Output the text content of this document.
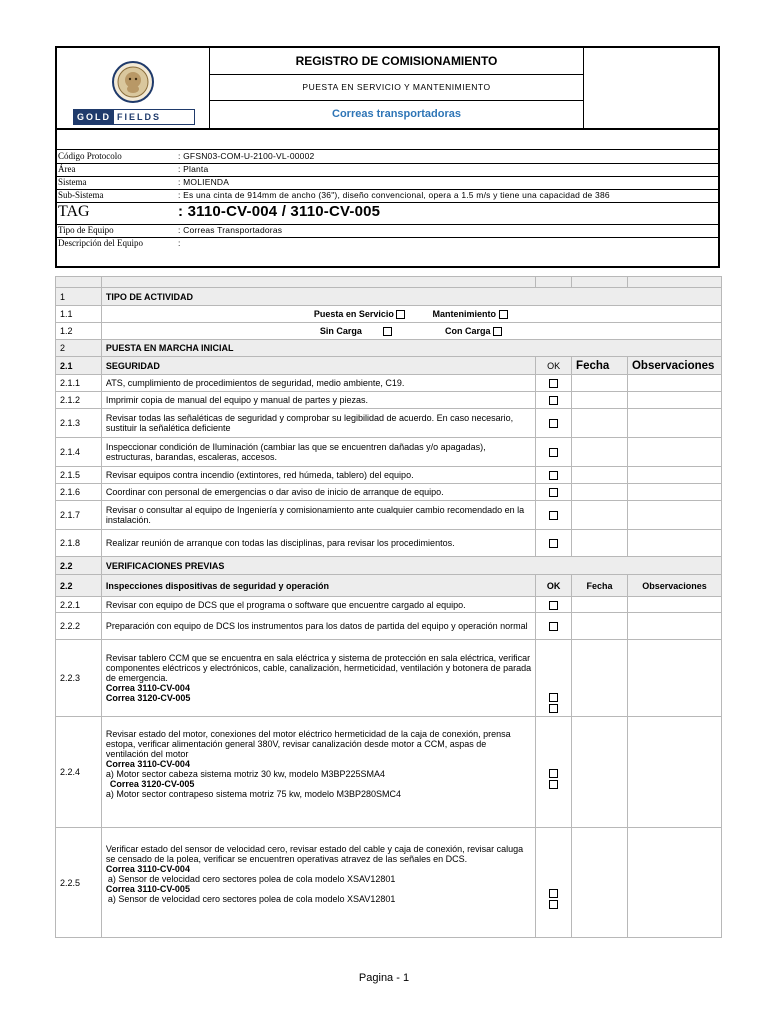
GOLD FIELDS
REGISTRO DE COMISIONAMIENTO
PUESTA EN SERVICIO Y MANTENIMIENTO
Correas transportadoras
Código Protocolo	: GFSN03-COM-U-2100-VL-00002
Área	: Planta
Sistema	: MOLIENDA
Sub-Sistema	: Es una cinta de 914mm de ancho (36"), diseño convencional, opera a 1.5 m/s y tiene una capacidad de 386
TAG	: 3110-CV-004 / 3110-CV-005
Tipo de Equipo	: Correas Transportadoras
Descripción del Equipo	:

1	TIPO DE ACTIVIDAD			
1.1	Puesta en Servicio Mantenimiento			
1.2	Sin Carga Con Carga			
2	PUESTA EN MARCHA INICIAL			
2.1	SEGURIDAD	OK	Fecha	Observaciones
2.1.1	ATS, cumplimiento de procedimientos de seguridad, medio ambiente, C19.			
2.1.2	Imprimir copia de manual del equipo y manual de partes y piezas.			
2.1.3	Revisar todas las señaléticas de seguridad y comprobar su legibilidad de acuerdo. En caso necesario, sustituir la señalética deficiente			
2.1.4	Inspeccionar condición de Iluminación (cambiar las que se encuentren dañadas y/o apagadas), estructuras, barandas, escaleras, accesos.			
2.1.5	Revisar equipos contra incendio (extintores, red húmeda, tablero) del equipo.			
2.1.6	Coordinar con personal de emergencias o dar aviso de inicio de arranque de equipo.			
2.1.7	Revisar o consultar al equipo de Ingeniería y comisionamiento ante cualquier cambio recomendado en la instalación.			
2.1.8	Realizar reunión de arranque con todas las disciplinas, para revisar los procedimientos.			
2.2	VERIFICACIONES PREVIAS			
2.2	Inspecciones dispositivas de seguridad y operación	OK	Fecha	Observaciones
2.2.1	Revisar con equipo de DCS que el programa o software que encuentre cargado al equipo.			
2.2.2	Preparación con equipo de DCS los instrumentos para los datos de partida del equipo y operación normal			
2.2.3	Revisar tablero CCM que se encuentra en sala eléctrica y sistema de protección en sala eléctrica, verificar componentes eléctricos y electrónicos, cable, canalización, hermeticidad, ventilación y botonera de parada de emergencia.
Correa 3110-CV-004
Correa 3120-CV-005			

2.2.4	Revisar estado del motor, conexiones del motor eléctrico hermeticidad de la caja de conexión, prensa estopa, verificar alimentación general 380V, revisar canalización desde motor a CCM, aspas de ventilación del motor
Correa 3110-CV-004
a) Motor sector cabeza sistema motriz 30 kw, modelo M3BP225SMA4
Correa 3120-CV-005
a) Motor sector contrapeso sistema motriz 75 kw, modelo M3BP280SMC4			

2.2.5	Verificar estado del sensor de velocidad cero, revisar estado del cable y caja de conexión, revisar caluga se censado de la polea, verificar se encuentren operativas atravez de las señales en DCS.
Correa 3110-CV-004
a) Sensor de velocidad cero sectores polea de cola modelo XSAV12801
Correa 3110-CV-005
a) Sensor de velocidad cero sectores polea de cola modelo XSAV12801			

Pagina - 1
